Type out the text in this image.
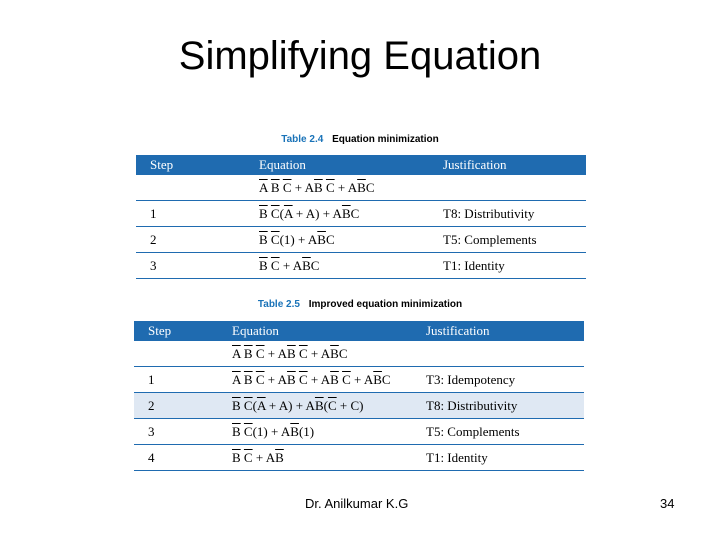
Simplifying Equation
Table 2.4 Equation minimization
Step	Equation	Justification
	$\overline{A}$ $\overline{B}$ $\overline{C} + A\overline{B}$ $\overline{C} + A\overline{B}C$	
1	$\overline{B}$ $\overline{C}(\overline{A} + A) + A\overline{B}C$	T8: Distributivity
2	$\overline{B}$ $\overline{C}(1) + A\overline{B}C$	T5: Complements
3	$\overline{B}$ $\overline{C} + A\overline{B}C$	T1: Identity
Table 2.5 Improved equation minimization
Step	Equation	Justification
	$\overline{A}$ $\overline{B}$ $\overline{C} + A\overline{B}$ $\overline{C} + A\overline{B}C$	
1	$\overline{A}$ $\overline{B}$ $\overline{C} + A\overline{B}$ $\overline{C} + A\overline{B}$ $\overline{C} + A\overline{B}C$	T3: Idempotency
2	$\overline{B}$ $\overline{C}(\overline{A} + A) + A\overline{B}(\overline{C} + C)$	T8: Distributivity
3	$\overline{B}$ $\overline{C}(1) + A\overline{B}(1)$	T5: Complements
4	$\overline{B}$ $\overline{C} + A\overline{B}$	T1: Identity
Dr. Anilkumar K.G	34
